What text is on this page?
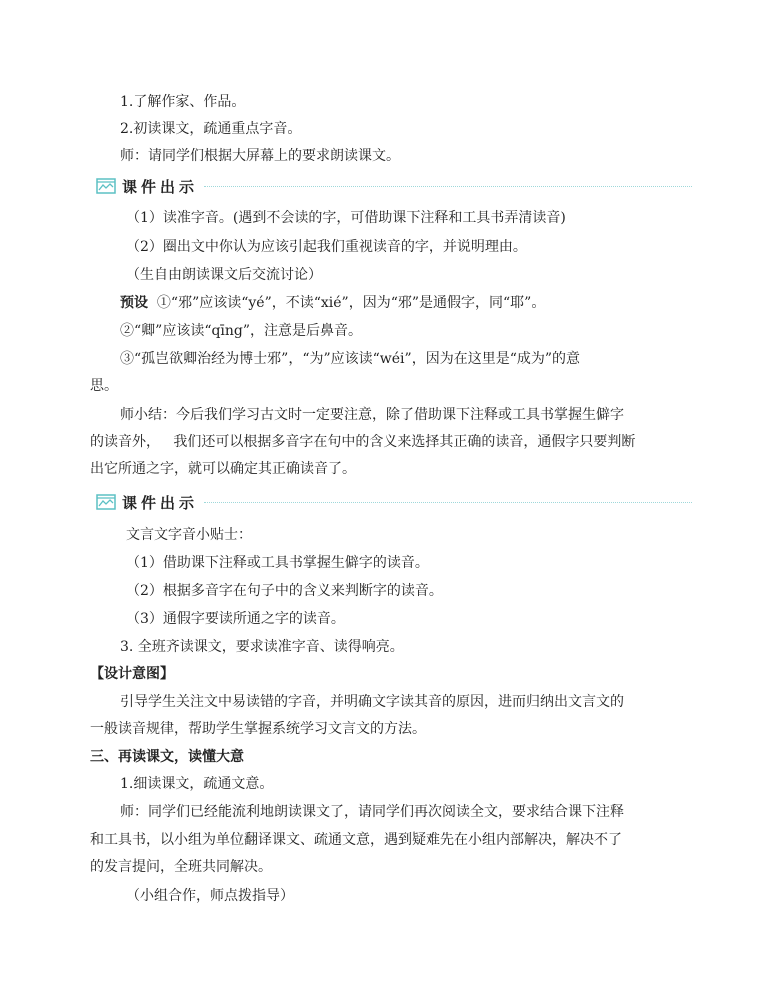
1.了解作家、作品。
2.初读课文，疏通重点字音。
师：请同学们根据大屏幕上的要求朗读课文。
课件出示
（1）读准字音。(遇到不会读的字，可借助课下注释和工具书弄清读音)
（2）圈出文中你认为应该引起我们重视读音的字，并说明理由。
（生自由朗读课文后交流讨论）
预设 ①“邪”应该读“yé”，不读“xié”，因为“邪”是通假字，同“耶”。
②“卿”应该读“qīng”，注意是后鼻音。
③“孤岂欲卿治经为博士邪”，“为”应该读“wéi”，因为在这里是“成为”的意
思。
师小结：今后我们学习古文时一定要注意，除了借助课下注释或工具书掌握生僻字
的读音外，   我们还可以根据多音字在句中的含义来选择其正确的读音，通假字只要判断
出它所通之字，就可以确定其正确读音了。
课件出示
文言文字音小贴士：
（1）借助课下注释或工具书掌握生僻字的读音。
（2）根据多音字在句子中的含义来判断字的读音。
（3）通假字要读所通之字的读音。
3. 全班齐读课文，要求读准字音、读得响亮。
【设计意图】
引导学生关注文中易读错的字音，并明确文字读其音的原因，进而归纳出文言文的
一般读音规律，帮助学生掌握系统学习文言文的方法。
三、再读课文，读懂大意
1.细读课文，疏通文意。
师：同学们已经能流利地朗读课文了，请同学们再次阅读全文，要求结合课下注释
和工具书，以小组为单位翻译课文、疏通文意，遇到疑难先在小组内部解决，解决不了
的发言提问，全班共同解决。
（小组合作，师点拨指导）
